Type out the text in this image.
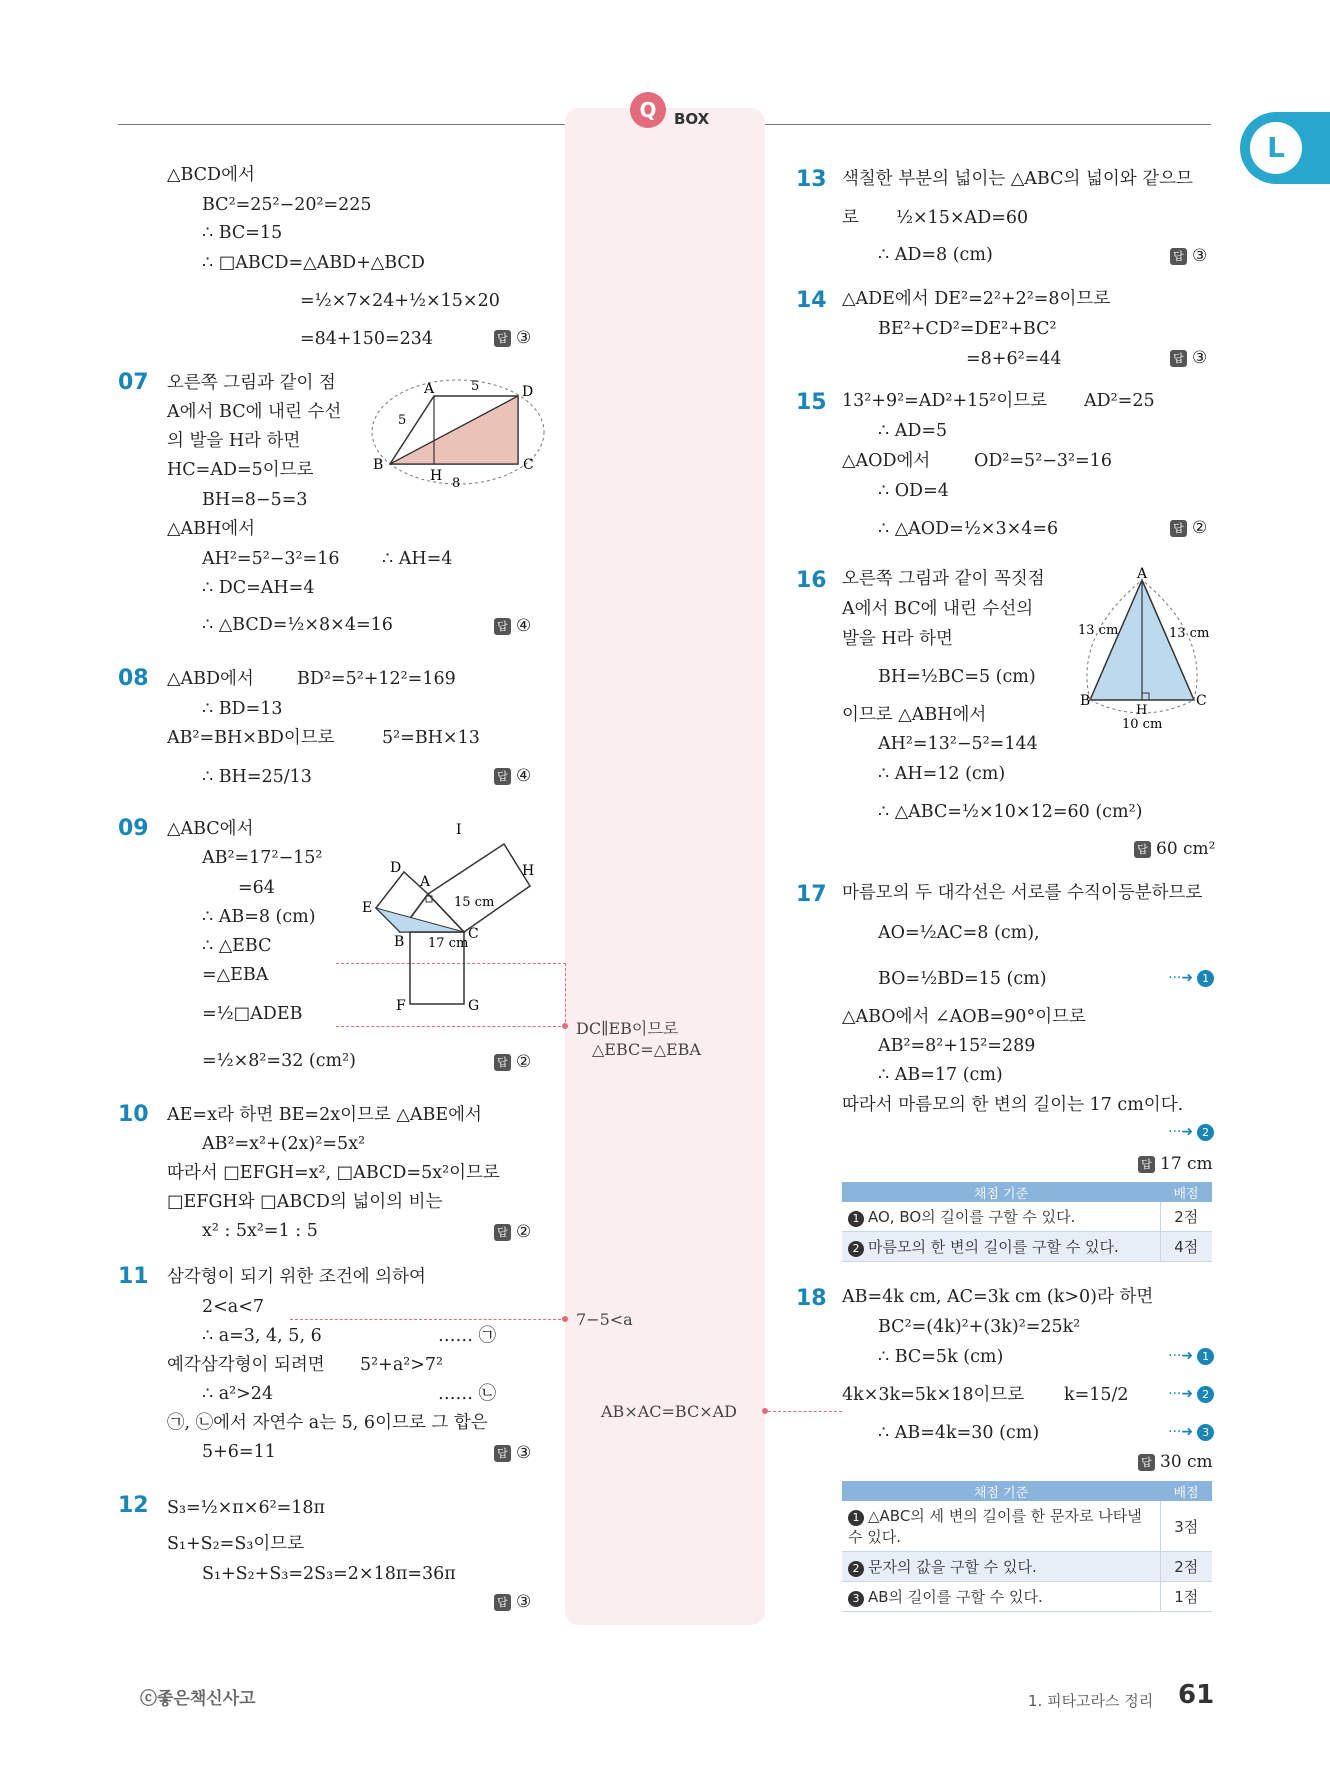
Q	BOX
L
△BCD에서
BC²=25²−20²=225
∴ BC=15
∴ □ABCD=△ABD+△BCD
=½×7×24+½×15×20
=84+150=234	답 ③
07 오른쪽 그림과 같이 점
A에서 BC에 내린 수선
의 발을 H라 하면
HC=AD=5이므로
BH=8−5=3
△ABH에서
AH²=5²−3²=16 ∴ AH=4
∴ DC=AH=4
∴ △BCD=½×8×4=16	답 ④
A	D
B	C
H
5
5
8
08 △ABD에서 BD²=5²+12²=169
∴ BD=13
AB²=BH×BD이므로	5²=BH×13
∴ BH=25/13	답 ④
09 △ABC에서
AB²=17²−15²
=64
∴ AB=8 (cm)
∴ △EBC
=△EBA
=½□ADEB
=½×8²=32 (cm²)	답 ②
I
H
D
A
E
B	C
F	G
15 cm
17 cm
10 AE=x라 하면 BE=2x이므로 △ABE에서
AB²=x²+(2x)²=5x²
따라서 □EFGH=x², □ABCD=5x²이므로
□EFGH와 □ABCD의 넓이의 비는
x² : 5x²=1 : 5	답 ②
11 삼각형이 되기 위한 조건에 의하여
2<a<7
∴ a=3, 4, 5, 6	…… ㉠
예각삼각형이 되려면 5²+a²>7²
∴ a²>24	…… ㉡
㉠, ㉡에서 자연수 a는 5, 6이므로 그 합은
5+6=11	답 ③
12 S₃=½×π×6²=18π
S₁+S₂=S₃이므로
S₁+S₂+S₃=2S₃=2×18π=36π
답 ③
DC∥EB이므로
△EBC=△EBA
7−5<a
AB×AC=BC×AD
13 색칠한 부분의 넓이는 △ABC의 넓이와 같으므
로 ½×15×AD=60
∴ AD=8 (cm)	답 ③
14 △ADE에서 DE²=2²+2²=8이므로
BE²+CD²=DE²+BC²
=8+6²=44	답 ③
15 13²+9²=AD²+15²이므로 AD²=25
∴ AD=5
△AOD에서 OD²=5²−3²=16
∴ OD=4
∴ △AOD=½×3×4=6	답 ②
16 오른쪽 그림과 같이 꼭짓점
A에서 BC에 내린 수선의
발을 H라 하면
BH=½BC=5 (cm)
이므로 △ABH에서
AH²=13²−5²=144
∴ AH=12 (cm)
∴ △ABC=½×10×12=60 (cm²)
답 60 cm²
A
B	C
H
13 cm	13 cm
10 cm
17 마름모의 두 대각선은 서로를 수직이등분하므로
AO=½AC=8 (cm),
BO=½BD=15 (cm)	···➜ 1
△ABO에서 ∠AOB=90°이므로
AB²=8²+15²=289
∴ AB=17 (cm)
따라서 마름모의 한 변의 길이는 17 cm이다.
···➜ 2
답 17 cm
채점 기준	배점
1 AO, BO의 길이를 구할 수 있다.	2점
2 마름모의 한 변의 길이를 구할 수 있다.	4점
18 AB=4k cm, AC=3k cm (k>0)라 하면
BC²=(4k)²+(3k)²=25k²
∴ BC=5k (cm)	···➜ 1
4k×3k=5k×18이므로 k=15/2	···➜ 2
∴ AB=4k=30 (cm)	···➜ 3
답 30 cm
채점 기준	배점
1 △ABC의 세 변의 길이를 한 문자로 나타낼 수 있다.	3점
2 문자의 값을 구할 수 있다.	2점
3 AB의 길이를 구할 수 있다.	1점
ⓒ좋은책신사고	1. 피타고라스 정리 61
